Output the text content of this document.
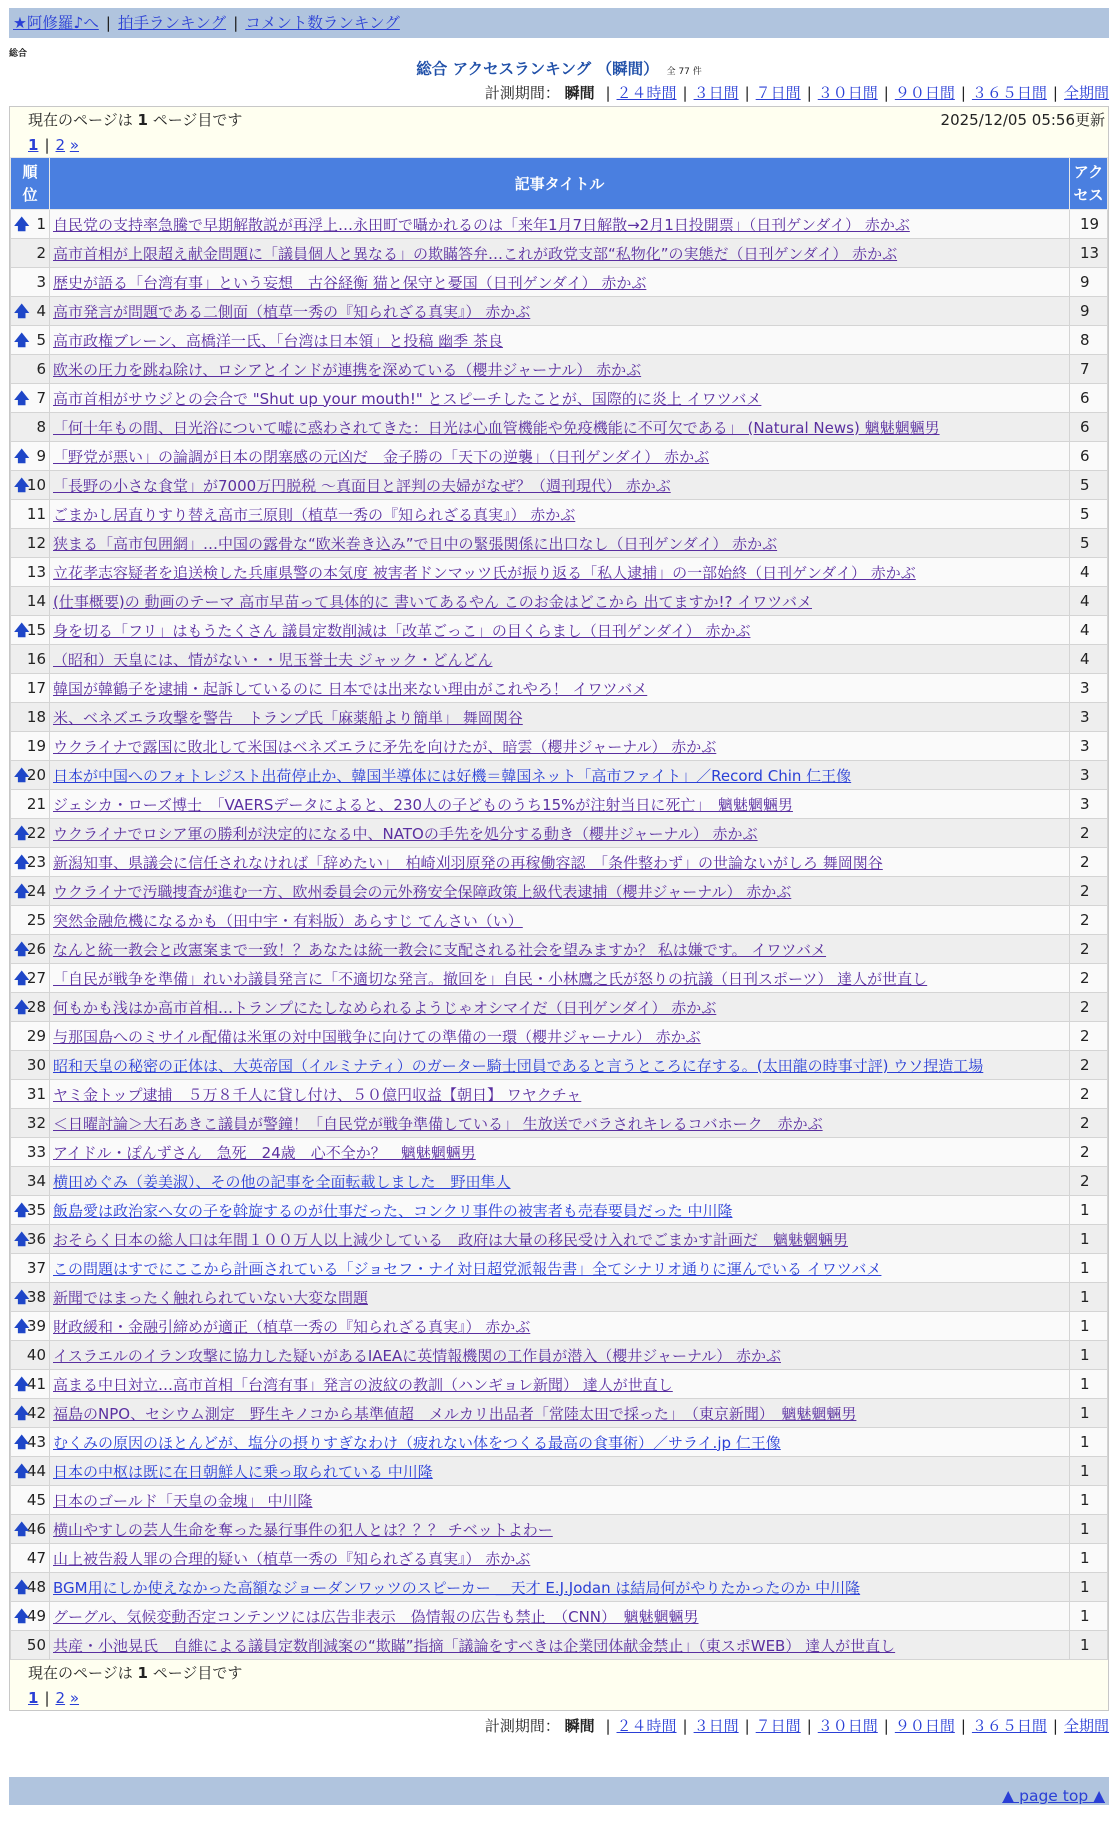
★阿修羅♪へ | 拍手ランキング | コメント数ランキング
総合
総合 アクセスランキング （瞬間） 全 77 件
計測期間： 瞬間 | ２４時間 | ３日間 | ７日間 | ３０日間 | ９０日間 | ３６５日間 | 全期間
現在のページは 1 ページ目です	2025/12/05 05:56更新
1 | 2 »
順位	記事タイトル	アクセス

🡅 1	自民党の支持率急騰で早期解散説が再浮上…永田町で囁かれるのは「来年1月7日解散→2月1日投開票」（日刊ゲンダイ） 赤かぶ	19
2	高市首相が上限超え献金問題に「議員個人と異なる」の欺瞞答弁…これが政党支部“私物化”の実態だ（日刊ゲンダイ） 赤かぶ	13
3	歴史が語る「台湾有事」という妄想　古谷経衡 猫と保守と憂国（日刊ゲンダイ） 赤かぶ	9

🡅 4	高市発言が問題である二側面（植草一秀の『知られざる真実』） 赤かぶ	9

🡅 5	高市政権ブレーン、高橋洋一氏、「台湾は日本領」と投稿 幽季 茶良	8
6	欧米の圧力を跳ね除け、ロシアとインドが連携を深めている（櫻井ジャーナル） 赤かぶ	7

🡅 7	高市首相がサウジとの会合で "Shut up your mouth!" とスピーチしたことが、国際的に炎上 イワツバメ	6
8	「何十年もの間、日光浴について嘘に惑わされてきた：日光は心血管機能や免疫機能に不可欠である」 (Natural News) 魑魅魍魎男	6

🡅 9	「野党が悪い」の論調が日本の閉塞感の元凶だ　金子勝の「天下の逆襲」（日刊ゲンダイ） 赤かぶ	6

🡅
10	「長野の小さな食堂」が7000万円脱税 ～真面目と評判の夫婦がなぜ？（週刊現代） 赤かぶ	5
11	ごまかし居直りすり替え高市三原則（植草一秀の『知られざる真実』） 赤かぶ	5
12	狭まる「高市包囲網」…中国の露骨な“欧米巻き込み”で日中の緊張関係に出口なし（日刊ゲンダイ） 赤かぶ	5
13	立花孝志容疑者を追送検した兵庫県警の本気度 被害者ドンマッツ氏が振り返る「私人逮捕」の一部始終（日刊ゲンダイ） 赤かぶ	4
14	(仕事概要)の 動画のテーマ 高市早苗って具体的に 書いてあるやん このお金はどこから 出てますか!? イワツバメ	4

🡅
15	身を切る「フリ」はもうたくさん 議員定数削減は「改革ごっこ」の目くらまし（日刊ゲンダイ） 赤かぶ	4
16	（昭和）天皇には、情がない・・児玉誉士夫 ジャック・どんどん	4
17	韓国が韓鶴子を逮捕・起訴しているのに 日本では出来ない理由がこれやろ！ イワツバメ	3
18	米、ベネズエラ攻撃を警告　トランプ氏「麻薬船より簡単」 舞岡関谷	3
19	ウクライナで露国に敗北して米国はベネズエラに矛先を向けたが、暗雲（櫻井ジャーナル） 赤かぶ	3

🡅
20	日本が中国へのフォトレジスト出荷停止か、韓国半導体には好機＝韓国ネット「高市ファイト」／Record Chin 仁王像	3
21	ジェシカ・ローズ博士　「VAERSデータによると、230人の子どものうち15%が注射当日に死亡」　魑魅魍魎男	3

🡅
22	ウクライナでロシア軍の勝利が決定的になる中、NATOの手先を処分する動き（櫻井ジャーナル） 赤かぶ	2

🡅
23	新潟知事、県議会に信任されなければ「辞めたい」　柏崎刈羽原発の再稼働容認　「条件整わず」の世論ないがしろ 舞岡関谷	2

🡅
24	ウクライナで汚職捜査が進む一方、欧州委員会の元外務安全保障政策上級代表逮捕（櫻井ジャーナル） 赤かぶ	2
25	突然金融危機になるかも（田中宇・有料版）あらすじ てんさい（い）	2

🡅
26	なんと統一教会と改憲案まで一致！？あなたは統一教会に支配される社会を望みますか？ 私は嫌です。 イワツバメ	2

🡅
27	「自民が戦争を準備」れいわ議員発言に「不適切な発言。撤回を」自民・小林鷹之氏が怒りの抗議（日刊スポーツ） 達人が世直し	2

🡅
28	何もかも浅はか高市首相…トランプにたしなめられるようじゃオシマイだ（日刊ゲンダイ） 赤かぶ	2
29	与那国島へのミサイル配備は米軍の対中国戦争に向けての準備の一環（櫻井ジャーナル） 赤かぶ	2
30	昭和天皇の秘密の正体は、大英帝国（イルミナティ）のガーター騎士団員であると言うところに存する。(太田龍の時事寸評) ウソ捏造工場	2
31	ヤミ金トップ逮捕　５万８千人に貸し付け、５０億円収益【朝日】 ワヤクチャ	2
32	＜日曜討論＞大石あきこ議員が警鐘！「自民党が戦争準備している」 生放送でバラされキレるコバホーク　赤かぶ	2
33	アイドル・ぽんずさん　急死　24歳　心不全か？　魑魅魍魎男	2
34	横田めぐみ（姜美淑）、その他の記事を全面転載しました　野田隼人	2

🡅
35	飯島愛は政治家へ女の子を斡旋するのが仕事だった、コンクリ事件の被害者も売春要員だった 中川隆	1

🡅
36	おそらく日本の総人口は年間１００万人以上減少している　政府は大量の移民受け入れでごまかす計画だ　魑魅魍魎男	1
37	この問題はすでにここから計画されている「ジョセフ・ナイ対日超党派報告書」全てシナリオ通りに運んでいる イワツバメ	1

🡅
38	新聞ではまったく触れられていない大変な問題	1

🡅
39	財政緩和・金融引締めが適正（植草一秀の『知られざる真実』） 赤かぶ	1
40	イスラエルのイラン攻撃に協力した疑いがあるIAEAに英情報機関の工作員が潜入（櫻井ジャーナル） 赤かぶ	1

🡅
41	高まる中日対立…高市首相「台湾有事」発言の波紋の教訓（ハンギョレ新聞） 達人が世直し	1

🡅
42	福島のNPO、セシウム測定　野生キノコから基準値超　メルカリ出品者「常陸太田で採った」　（東京新聞）　魑魅魍魎男	1

🡅
43	むくみの原因のほとんどが、塩分の摂りすぎなわけ（疲れない体をつくる最高の食事術）／サライ.jp 仁王像	1

🡅
44	日本の中枢は既に在日朝鮮人に乗っ取られている 中川隆	1
45	日本のゴールド「天皇の金塊」 中川隆	1

🡅
46	横山やすしの芸人生命を奪った暴行事件の犯人とは？？？ チベットよわー	1
47	山上被告殺人罪の合理的疑い（植草一秀の『知られざる真実』） 赤かぶ	1

🡅
48	BGM用にしか使えなかった高額なジョーダンワッツのスピーカー ＿天才 E.J.Jodan は結局何がやりたかったのか 中川隆	1

🡅
49	グーグル、気候変動否定コンテンツには広告非表示　偽情報の広告も禁止　（CNN）　魑魅魍魎男	1
50	共産・小池晃氏　自維による議員定数削減案の“欺瞞”指摘「議論をすべきは企業団体献金禁止」（東スポWEB） 達人が世直し	1
現在のページは 1 ページ目です
1 | 2 »
計測期間： 瞬間 | ２４時間 | ３日間 | ７日間 | ３０日間 | ９０日間 | ３６５日間 | 全期間
▲ page top ▲
